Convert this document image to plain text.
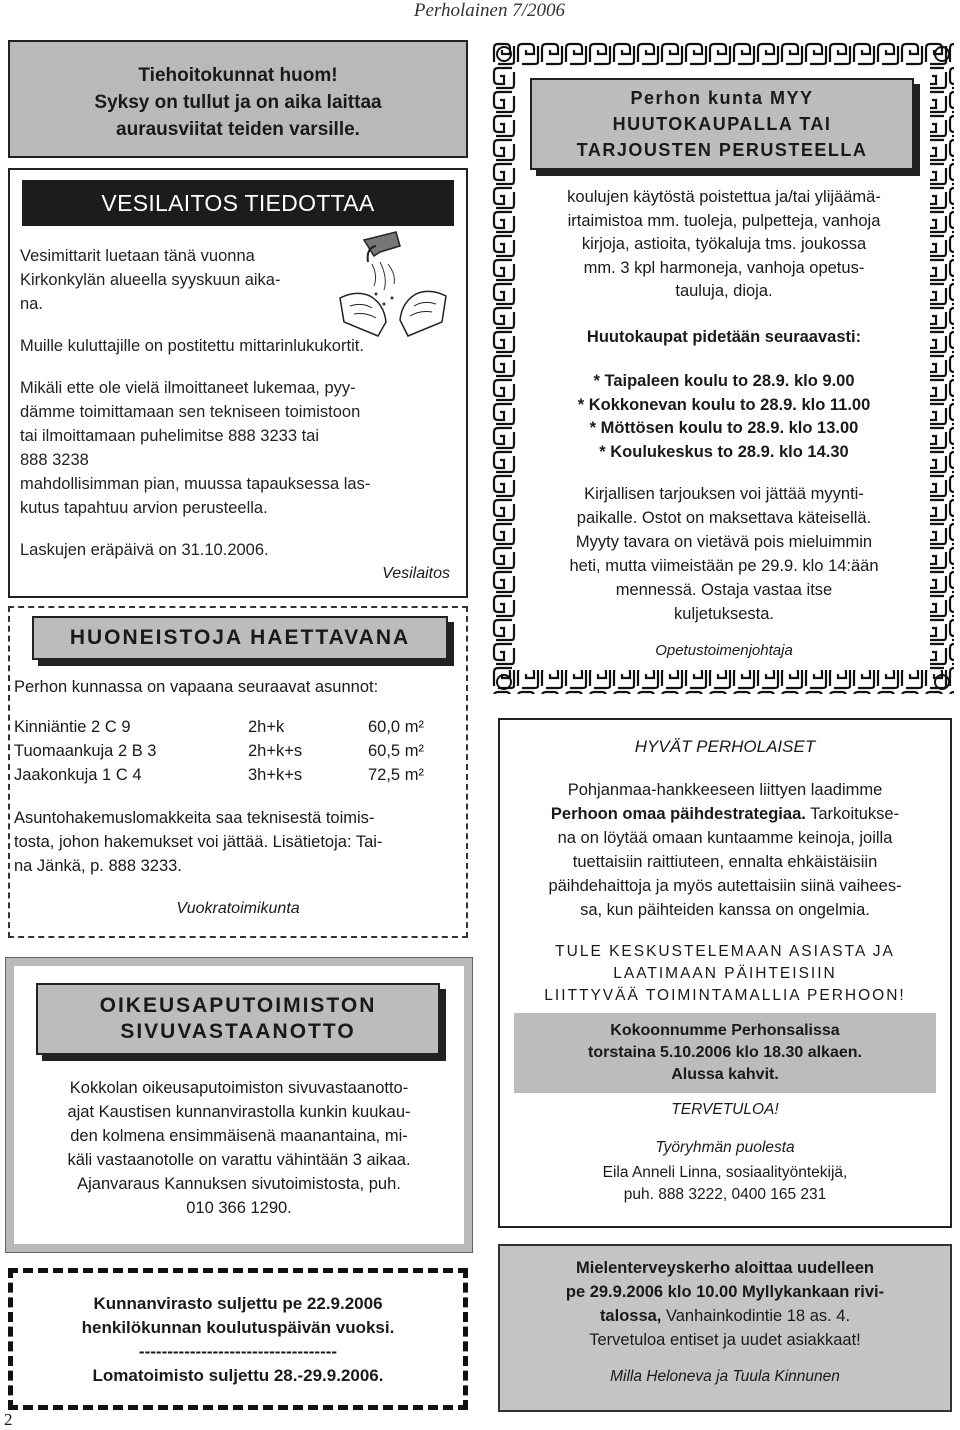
Perholainen 7/2006
2
Tiehoitokunnat huom!
Syksy on tullut ja on aika laittaa
aurausviitat teiden varsille.
VESILAITOS TIEDOTTAA

Vesimittarit luetaan tänä vuonna

Kirkonkylän alueella syyskuun aika-

na.

Muille kuluttajille on postitettu mittarinlukukortit.

Mikäli ette ole vielä ilmoittaneet lukemaa, pyy-

dämme toimittamaan sen tekniseen toimistoon

tai ilmoittamaan puhelimitse 888 3233 tai

888 3238

mahdollisimman pian, muussa tapauksessa las-

kutus tapahtuu arvion perusteella.

Laskujen eräpäivä on 31.10.2006.

Vesilaitos
HUONEISTOJA HAETTAVANA
Perhon kunnassa on vapaana seuraavat asunnot:
Kinniäntie 2 C 9	2h+k	60,0 m²
Tuomaankuja 2 B 3	2h+k+s	60,5 m²
Jaakonkuja 1 C 4	3h+k+s	72,5 m²

Asuntohakemuslomakkeita saa teknisestä toimis-

tosta, johon hakemukset voi jättää. Lisätietoja: Tai-

na Jänkä, p. 888 3233.

Vuokratoimikunta
OIKEUSAPUTOIMISTON
SIVUVASTAANOTTO

Kokkolan oikeusaputoimiston sivuvastaanotto-

ajat Kaustisen kunnanvirastolla kunkin kuukau-

den kolmena ensimmäisenä maanantaina, mi-

käli vastaanotolle on varattu vähintään 3 aikaa.

Ajanvaraus Kannuksen sivutoimistosta, puh.

010 366 1290.

Kunnanvirasto suljettu pe 22.9.2006
henkilökunnan koulutuspäivän vuoksi.
-----------------------------------
Lomatoimisto suljettu 28.-29.9.2006.
Perhon kunta MYY
HUUTOKAUPALLA TAI
TARJOUSTEN PERUSTEELLA
koulujen käytöstä poistettua ja/tai ylijäämä-
irtaimistoa mm. tuoleja, pulpetteja, vanhoja
kirjoja, astioita, työkaluja tms. joukossa
mm. 3 kpl harmoneja, vanhoja opetus-
tauluja, dioja.
Huutokaupat pidetään seuraavasti:
* Taipaleen koulu to 28.9. klo 9.00
* Kokkonevan koulu to 28.9. klo 11.00
* Möttösen koulu to 28.9. klo 13.00
* Koulukeskus to 28.9. klo 14.30
Kirjallisen tarjouksen voi jättää myynti-
paikalle. Ostot on maksettava käteisellä.
Myyty tavara on vietävä pois mieluimmin
heti, mutta viimeistään pe 29.9. klo 14:ään
mennessä. Ostaja vastaa itse
kuljetuksesta.
Opetustoimenjohtaja
HYVÄT PERHOLAISET
Pohjanmaa-hankkeeseen liittyen laadimme
Perhoon omaa päihdestrategiaa. Tarkoitukse-
na on löytää omaan kuntaamme keinoja, joilla
tuettaisiin raittiuteen, ennalta ehkäistäisiin
päihdehaittoja ja myös autettaisiin siinä vaihees-
sa, kun päihteiden kanssa on ongelmia.
TULE KESKUSTELEMAAN ASIASTA JA
LAATIMAAN PÄIHTEISIIN
LIITTYVÄÄ TOIMINTAMALLIA PERHOON!
Kokoonnumme Perhonsalissa
torstaina 5.10.2006 klo 18.30 alkaen.
Alussa kahvit.
TERVETULOA!
Työryhmän puolesta
Eila Anneli Linna, sosiaalityöntekijä,
puh. 888 3222, 0400 165 231
Mielenterveyskerho aloittaa uudelleen
pe 29.9.2006 klo 10.00 Myllykankaan rivi-
talossa, Vanhainkodintie 18 as. 4.
Tervetuloa entiset ja uudet asiakkaat!
Milla Heloneva ja Tuula Kinnunen
